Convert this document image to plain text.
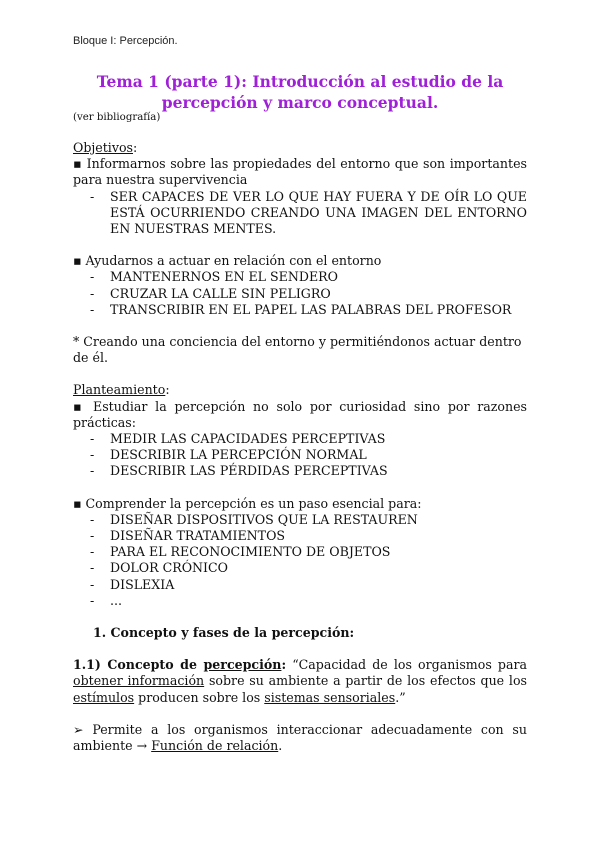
Bloque I: Percepción.

Tema 1 (parte 1): Introducción al estudio de la percepción y marco conceptual.

(ver bibliografía)

Objetivos:

▪ Informarnos sobre las propiedades del entorno que son importantes para nuestra supervivencia

- SER CAPACES DE VER LO QUE HAY FUERA Y DE OÍR LO QUE ESTÁ OCURRIENDO CREANDO UNA IMAGEN DEL ENTORNO EN NUESTRAS MENTES.

▪ Ayudarnos a actuar en relación con el entorno

- MANTENERNOS EN EL SENDERO
- CRUZAR LA CALLE SIN PELIGRO
- TRANSCRIBIR EN EL PAPEL LAS PALABRAS DEL PROFESOR

* Creando una conciencia del entorno y permitiéndonos actuar dentro de él.

Planteamiento:

▪ Estudiar la percepción no solo por curiosidad sino por razones prácticas:

- MEDIR LAS CAPACIDADES PERCEPTIVAS
- DESCRIBIR LA PERCEPCIÓN NORMAL
- DESCRIBIR LAS PÉRDIDAS PERCEPTIVAS

▪ Comprender la percepción es un paso esencial para:

- DISEÑAR DISPOSITIVOS QUE LA RESTAUREN
- DISEÑAR TRATAMIENTOS
- PARA EL RECONOCIMIENTO DE OBJETOS
- DOLOR CRÓNICO
- DISLEXIA
- ...

1. Concepto y fases de la percepción:

1.1) Concepto de percepción: “Capacidad de los organismos para obtener información sobre su ambiente a partir de los efectos que los estímulos producen sobre los sistemas sensoriales.”

➢ Permite a los organismos interaccionar adecuadamente con su ambiente → Función de relación.
